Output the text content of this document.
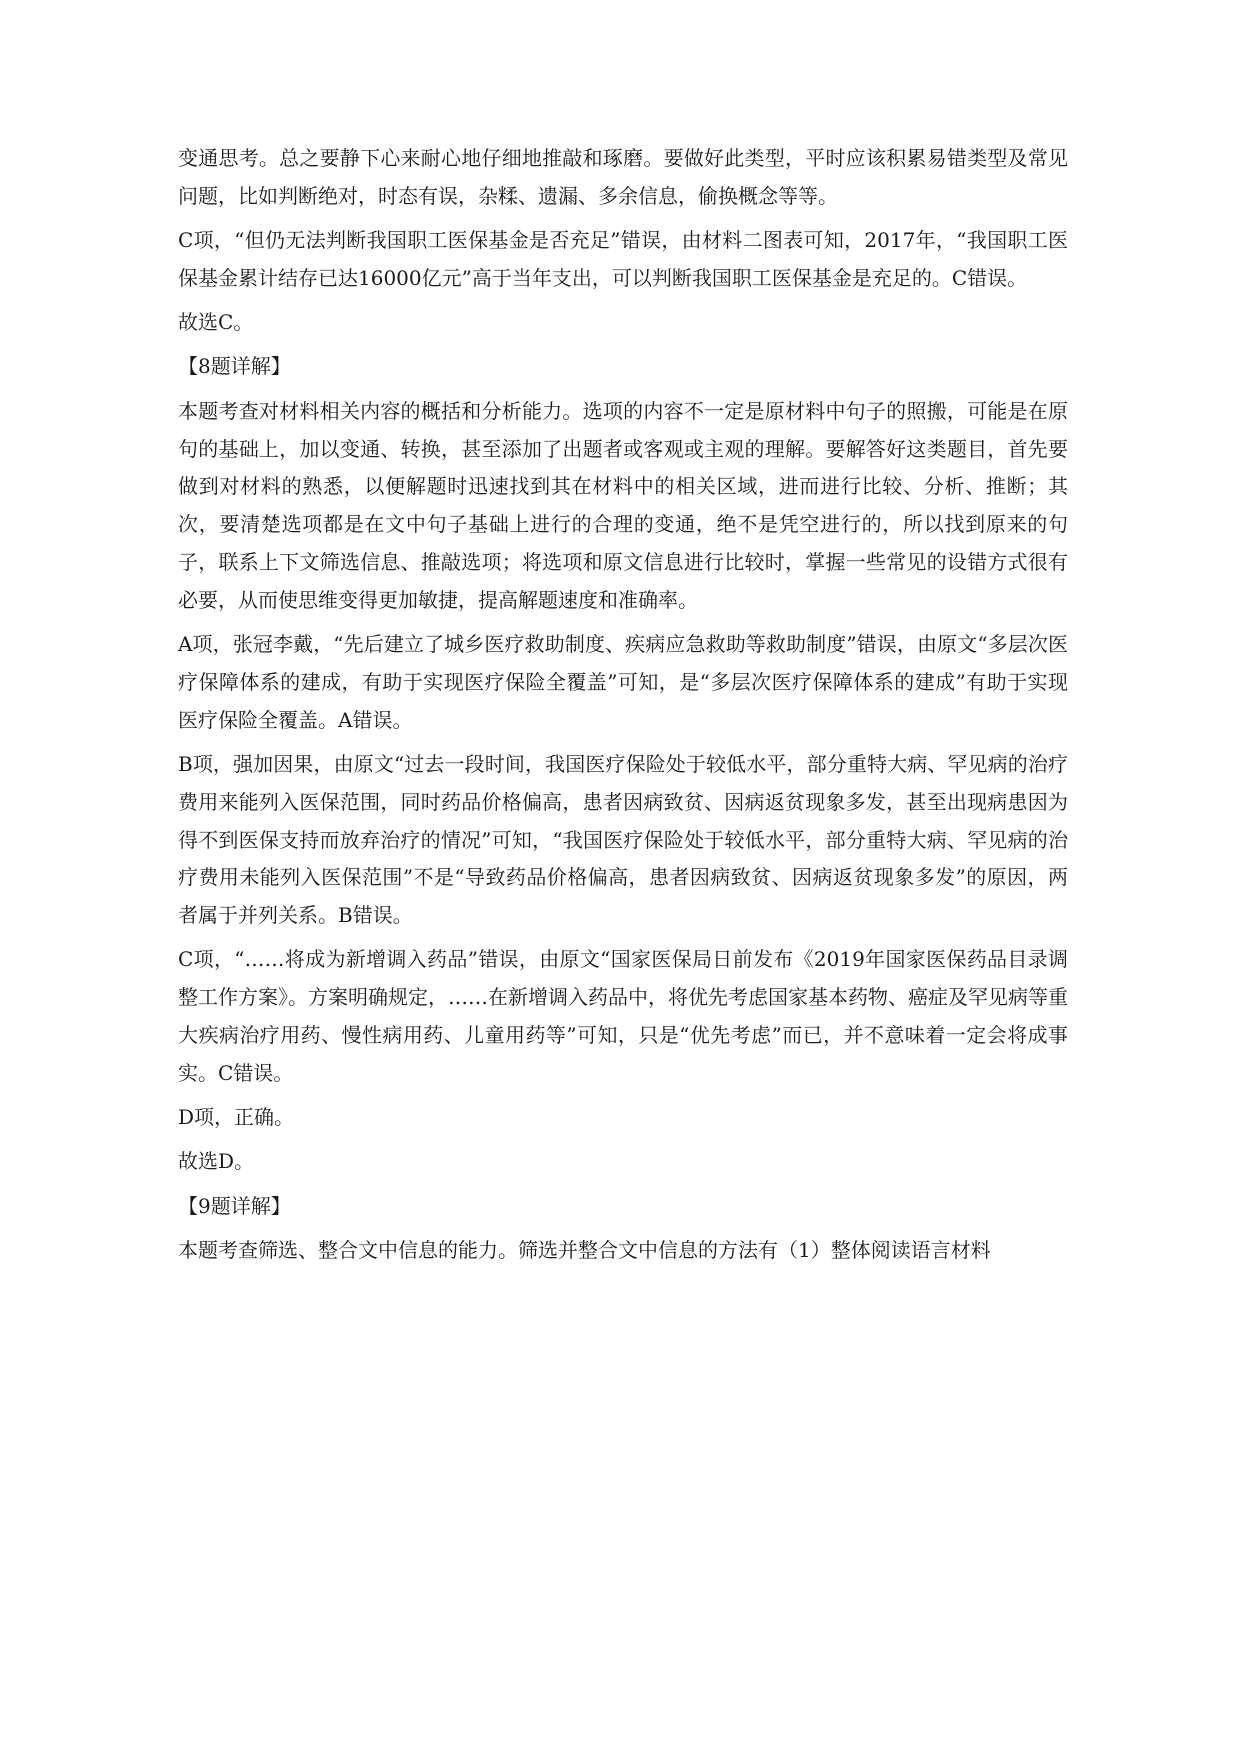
变通思考。总之要静下心来耐心地仔细地推敲和琢磨。要做好此类型，平时应该积累易错类型及常见问题，比如判断绝对，时态有误，杂糅、遗漏、多余信息，偷换概念等等。

C项，“但仍无法判断我国职工医保基金是否充足”错误，由材料二图表可知，2017年，“我国职工医保基金累计结存已达16000亿元”高于当年支出，可以判断我国职工医保基金是充足的。C错误。

故选C。

【8题详解】

本题考查对材料相关内容的概括和分析能力。选项的内容不一定是原材料中句子的照搬，可能是在原句的基础上，加以变通、转换，甚至添加了出题者或客观或主观的理解。要解答好这类题目，首先要做到对材料的熟悉，以便解题时迅速找到其在材料中的相关区域，进而进行比较、分析、推断；其次，要清楚选项都是在文中句子基础上进行的合理的变通，绝不是凭空进行的，所以找到原来的句子，联系上下文筛选信息、推敲选项；将选项和原文信息进行比较时，掌握一些常见的设错方式很有必要，从而使思维变得更加敏捷，提高解题速度和准确率。

A项，张冠李戴，“先后建立了城乡医疗救助制度、疾病应急救助等救助制度”错误，由原文“多层次医疗保障体系的建成，有助于实现医疗保险全覆盖”可知，是“多层次医疗保障体系的建成”有助于实现医疗保险全覆盖。A错误。

B项，强加因果，由原文“过去一段时间，我国医疗保险处于较低水平，部分重特大病、罕见病的治疗费用来能列入医保范围，同时药品价格偏高，患者因病致贫、因病返贫现象多发，甚至出现病患因为得不到医保支持而放弃治疗的情况”可知，“我国医疗保险处于较低水平，部分重特大病、罕见病的治疗费用未能列入医保范围”不是“导致药品价格偏高，患者因病致贫、因病返贫现象多发”的原因，两者属于并列关系。B错误。

C项，“……将成为新增调入药品”错误，由原文“国家医保局日前发布《2019年国家医保药品目录调整工作方案》。方案明确规定，……在新增调入药品中，将优先考虑国家基本药物、癌症及罕见病等重大疾病治疗用药、慢性病用药、儿童用药等”可知，只是“优先考虑”而已，并不意味着一定会将成事实。C错误。

D项，正确。

故选D。

【9题详解】

本题考查筛选、整合文中信息的能力。筛选并整合文中信息的方法有（1）整体阅读语言材料
